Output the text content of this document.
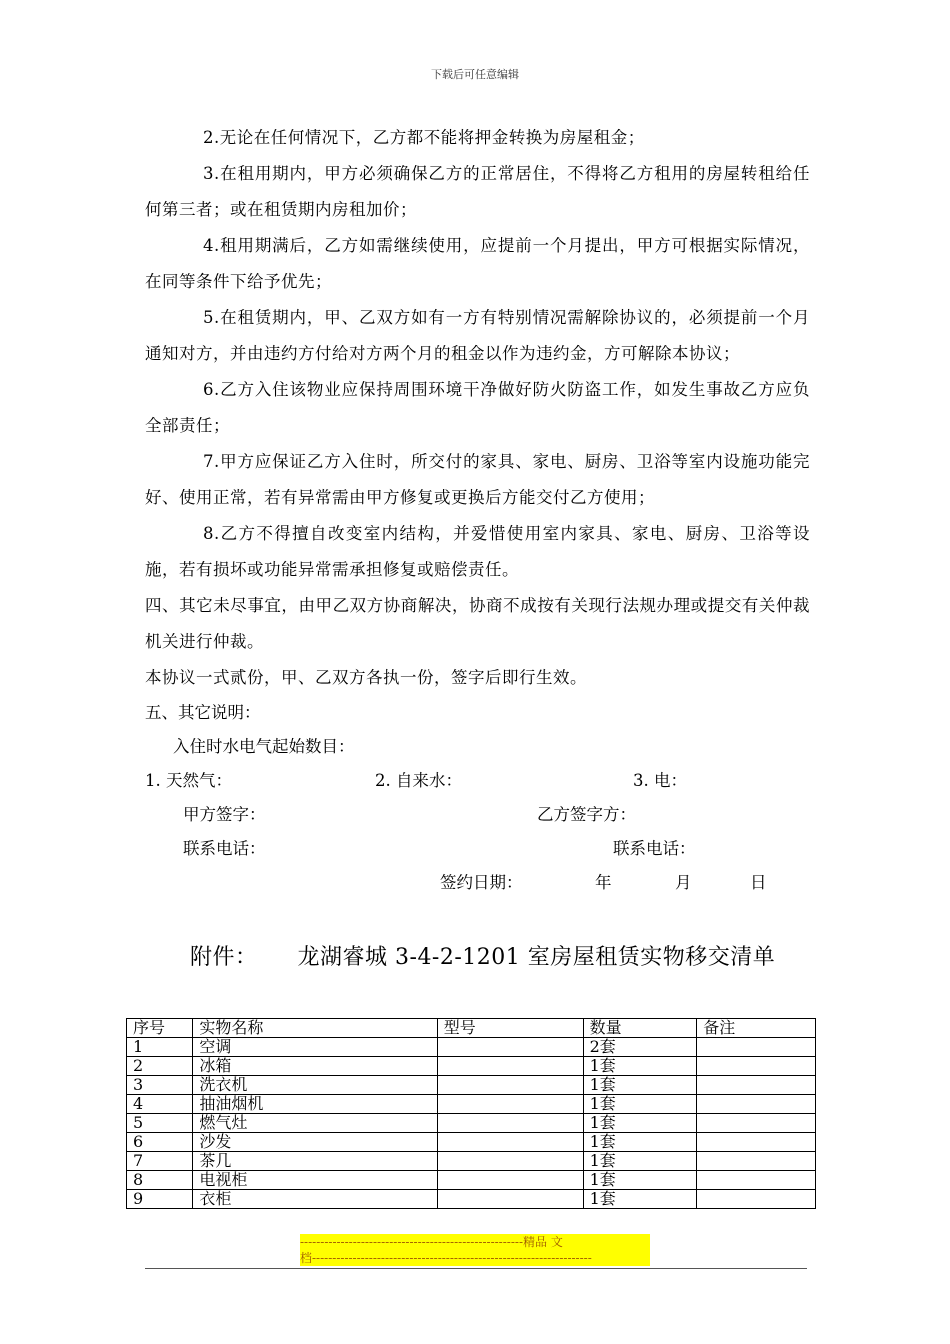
下载后可任意编辑
2.无论在任何情况下，乙方都不能将押金转换为房屋租金；
3.在租用期内，甲方必须确保乙方的正常居住，不得将乙方租用的房屋转租给任何第三者；或在租赁期内房租加价；
4.租用期满后，乙方如需继续使用，应提前一个月提出，甲方可根据实际情况，在同等条件下给予优先；
5.在租赁期内，甲、乙双方如有一方有特别情况需解除协议的，必须提前一个月通知对方，并由违约方付给对方两个月的租金以作为违约金，方可解除本协议；
6.乙方入住该物业应保持周围环境干净做好防火防盗工作，如发生事故乙方应负全部责任；
7.甲方应保证乙方入住时，所交付的家具、家电、厨房、卫浴等室内设施功能完好、使用正常，若有异常需由甲方修复或更换后方能交付乙方使用；
8.乙方不得擅自改变室内结构，并爱惜使用室内家具、家电、厨房、卫浴等设施，若有损坏或功能异常需承担修复或赔偿责任。
四、其它未尽事宜，由甲乙双方协商解决，协商不成按有关现行法规办理或提交有关仲裁机关进行仲裁。
本协议一式贰份，甲、乙双方各执一份，签字后即行生效。
五、其它说明：
入住时水电气起始数目：
1. 天然气：	2. 自来水：	3. 电：
甲方签字：	乙方签字方：
联系电话：	联系电话：
签约日期：	年	月	日
附件： 龙湖睿城 3-4-2-1201 室房屋租赁实物移交清单
序号	实物名称	型号	数量	备注
1	空调		2套	
2	冰箱		1套	
3	洗衣机		1套	
4	抽油烟机		1套	
5	燃气灶		1套	
6	沙发		1套	
7	茶几		1套	
8	电视柜		1套	
9	衣柜		1套	
-------------------------------------------------------精品 文
档---------------------------------------------------------------------
